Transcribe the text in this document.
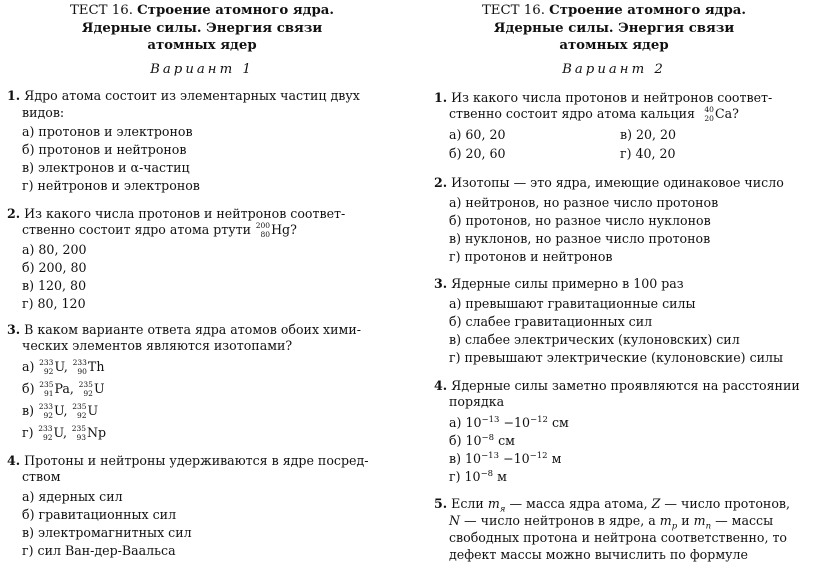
ТЕСТ 16. Строение атомного ядра.
Ядерные силы. Энергия связи
атомных ядер
Вариант 1
1. Ядро атома состоит из элементарных частиц двух
видов:
а) протонов и электронов
б) протонов и нейтронов
в) электронов и α-частиц
г) нейтронов и электронов
2. Из какого числа протонов и нейтронов соответ-
ственно состоит ядро атома ртути 200
80 Hg?
а) 80, 200
б) 200, 80
в) 120, 80
г) 80, 120
3. В каком варианте ответа ядра атомов обоих хими-
ческих элементов являются изотопами?
а) 233
92 U, 233
90 Th
б) 235
91 Pa, 235
92 U
в) 233
92 U, 235
92 U
г) 233
92 U, 235
93 Np
4. Протоны и нейтроны удерживаются в ядре посред-
ством
а) ядерных сил
б) гравитационных сил
в) электромагнитных сил
г) сил Ван-дер-Ваальса
ТЕСТ 16. Строение атомного ядра.
Ядерные силы. Энергия связи
атомных ядер
Вариант 2
1. Из какого числа протонов и нейтронов соответ-
ственно состоит ядро атома кальция 40
20 Ca?
а) 60, 20	в) 20, 20
б) 20, 60	г) 40, 20
2. Изотопы — это ядра, имеющие одинаковое число
а) нейтронов, но разное число протонов
б) протонов, но разное число нуклонов
в) нуклонов, но разное число протонов
г) протонов и нейтронов
3. Ядерные силы примерно в 100 раз
а) превышают гравитационные силы
б) слабее гравитационных сил
в) слабее электрических (кулоновских) сил
г) превышают электрические (кулоновские) силы
4. Ядерные силы заметно проявляются на расстоянии
порядка
а) $10^{-13} -10^{-12}$ см
б) $10^{-8}$ см
в) $10^{-13} -10^{-12}$ м
г) $10^{-8}$ м
5. Если $m_я$ — масса ядра атома, Z — число протонов,
N — число нейтронов в ядре, а $m_p$ и $m_n$ — массы
свободных протона и нейтрона соответственно, то
дефект массы можно вычислить по формуле
